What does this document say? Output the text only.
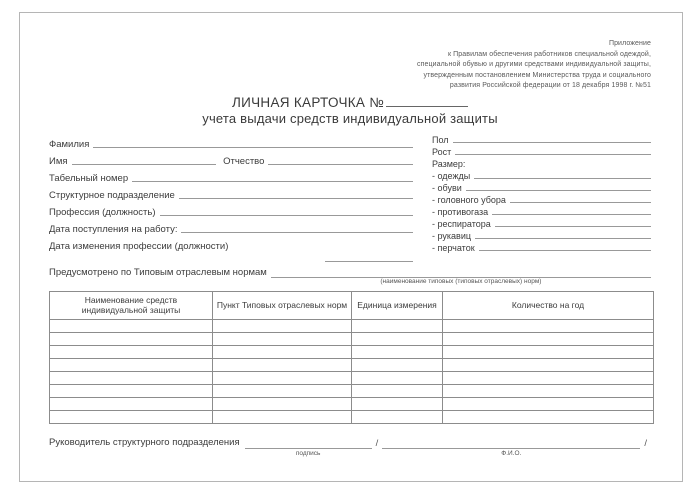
Приложение
к Правилам обеспечения работников специальной одеждой,
специальной обувью и другими средствами индивидуальной защиты,
утвержденным постановлением Министерства труда и социального
развития Российской федерации от 18 декабря 1998 г. №51
ЛИЧНАЯ КАРТОЧКА №
учета выдачи средств индивидуальной защиты
Фамилия
Имя	Отчество
Табельный номер
Структурное подразделение
Профессия (должность)
Дата поступления на работу:
Дата изменения профессии (должности)
Пол
Рост
Размер:
- одежды
- обуви
- головного убора
- противогаза
- респиратора
- рукавиц
- перчаток
Предусмотрено по Типовым отраслевым нормам
(наименование типовых (типовых отраслевых) норм)
Наименование средств индивидуальной защиты	Пункт Типовых отраслевых норм	Единица измерения	Количество на год

Руководитель структурного подразделения
подпись
/
Ф.И.О.
/
